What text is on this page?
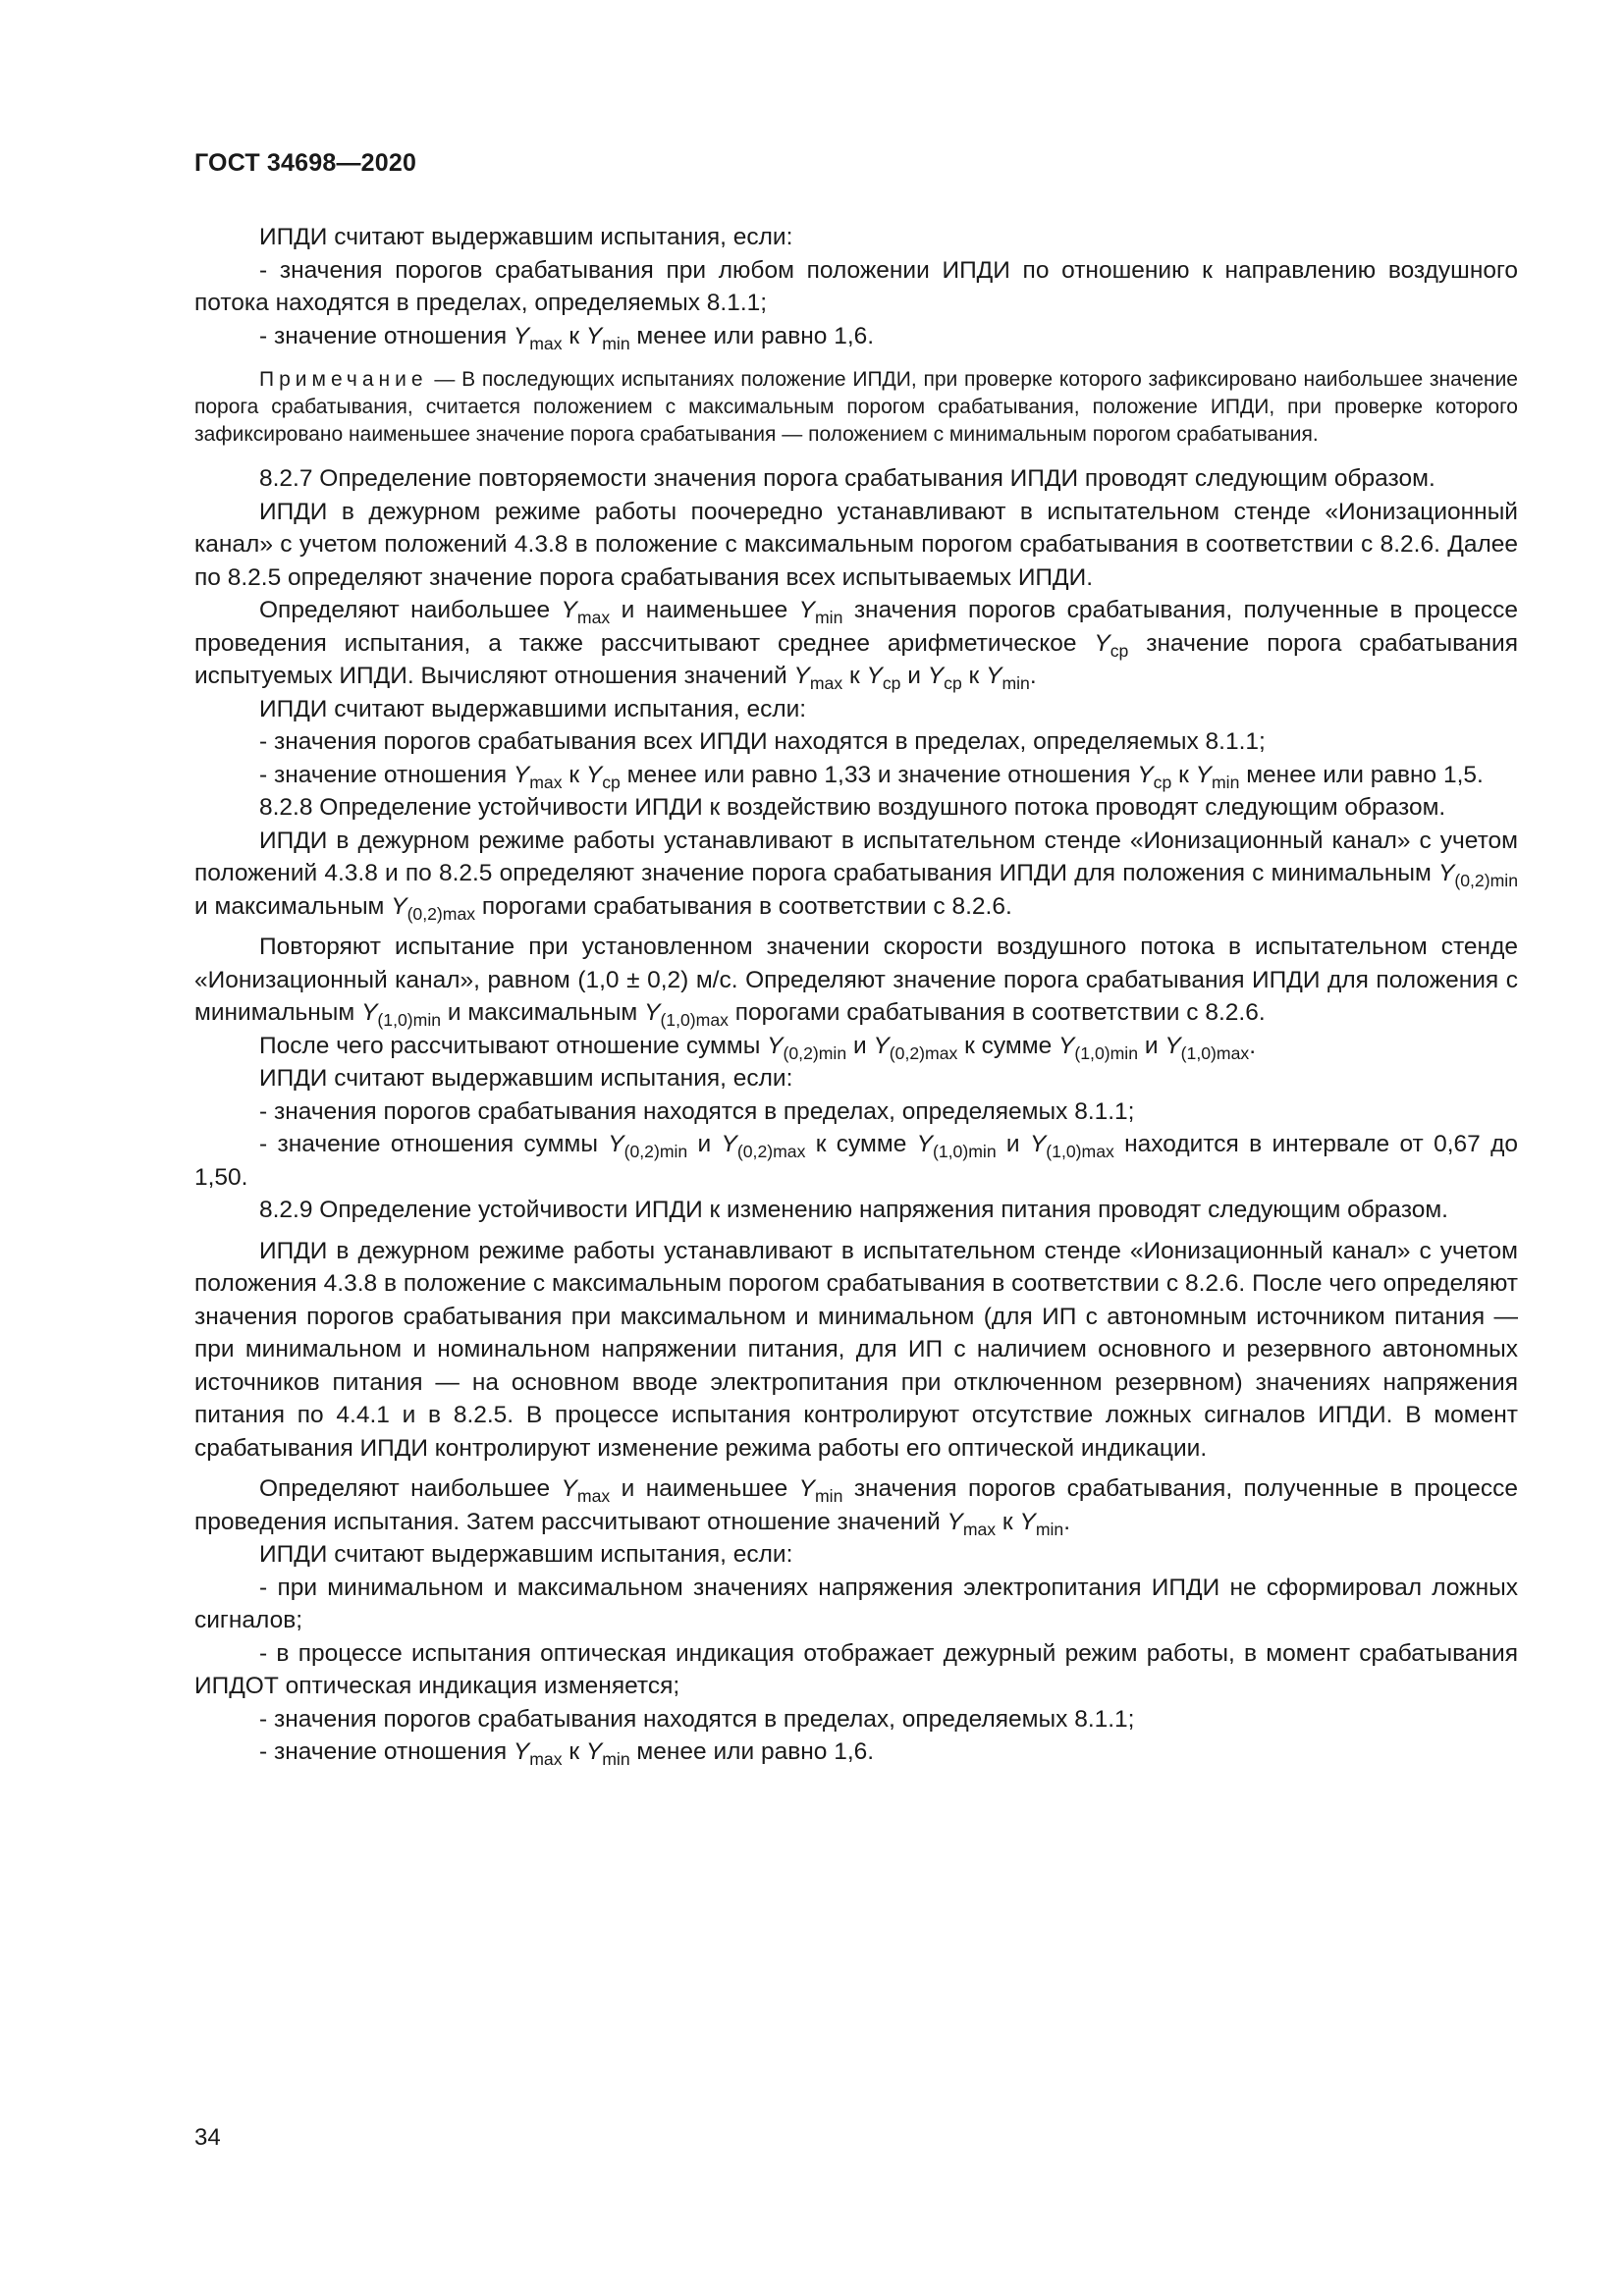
ГОСТ 34698—2020

ИПДИ считают выдержавшим испытания, если:

- значения порогов срабатывания при любом положении ИПДИ по отношению к направлению воздушного потока находятся в пределах, определяемых 8.1.1;

- значение отношения $Y_{max}$ к $Y_{min}$ менее или равно 1,6.

Примечание — В последующих испытаниях положение ИПДИ, при проверке которого зафиксировано наибольшее значение порога срабатывания, считается положением с максимальным порогом срабатывания, положение ИПДИ, при проверке которого зафиксировано наименьшее значение порога срабатывания — положением с минимальным порогом срабатывания.

8.2.7 Определение повторяемости значения порога срабатывания ИПДИ проводят следующим образом.

ИПДИ в дежурном режиме работы поочередно устанавливают в испытательном стенде «Ионизационный канал» с учетом положений 4.3.8 в положение с максимальным порогом срабатывания в соответствии с 8.2.6. Далее по 8.2.5 определяют значение порога срабатывания всех испытываемых ИПДИ.

Определяют наибольшее $Y_{max}$ и наименьшее $Y_{min}$ значения порогов срабатывания, полученные в процессе проведения испытания, а также рассчитывают среднее арифметическое $Y_{cp}$ значение порога срабатывания испытуемых ИПДИ. Вычисляют отношения значений $Y_{max}$ к $Y_{cp}$ и $Y_{cp}$ к $Y_{min}$.

ИПДИ считают выдержавшими испытания, если:

- значения порогов срабатывания всех ИПДИ находятся в пределах, определяемых 8.1.1;

- значение отношения $Y_{max}$ к $Y_{cp}$ менее или равно 1,33 и значение отношения $Y_{cp}$ к $Y_{min}$ менее или равно 1,5.

8.2.8 Определение устойчивости ИПДИ к воздействию воздушного потока проводят следующим образом.

ИПДИ в дежурном режиме работы устанавливают в испытательном стенде «Ионизационный канал» с учетом положений 4.3.8 и по 8.2.5 определяют значение порога срабатывания ИПДИ для положения с минимальным $Y_{(0,2)min}$ и максимальным $Y_{(0,2)max}$ порогами срабатывания в соответствии с 8.2.6.

Повторяют испытание при установленном значении скорости воздушного потока в испытательном стенде «Ионизационный канал», равном (1,0 ± 0,2) м/с. Определяют значение порога срабатывания ИПДИ для положения с минимальным $Y_{(1,0)min}$ и максимальным $Y_{(1,0)max}$ порогами срабатывания в соответствии с 8.2.6.

После чего рассчитывают отношение суммы $Y_{(0,2)min}$ и $Y_{(0,2)max}$ к сумме $Y_{(1,0)min}$ и $Y_{(1,0)max}$.

ИПДИ считают выдержавшим испытания, если:

- значения порогов срабатывания находятся в пределах, определяемых 8.1.1;

- значение отношения суммы $Y_{(0,2)min}$ и $Y_{(0,2)max}$ к сумме $Y_{(1,0)min}$ и $Y_{(1,0)max}$ находится в интервале от 0,67 до 1,50.

8.2.9 Определение устойчивости ИПДИ к изменению напряжения питания проводят следующим образом.

ИПДИ в дежурном режиме работы устанавливают в испытательном стенде «Ионизационный канал» с учетом положения 4.3.8 в положение с максимальным порогом срабатывания в соответствии с 8.2.6. После чего определяют значения порогов срабатывания при максимальном и минимальном (для ИП с автономным источником питания — при минимальном и номинальном напряжении питания, для ИП с наличием основного и резервного автономных источников питания — на основном вводе электропитания при отключенном резервном) значениях напряжения питания по 4.4.1 и в 8.2.5. В процессе испытания контролируют отсутствие ложных сигналов ИПДИ. В момент срабатывания ИПДИ контролируют изменение режима работы его оптической индикации.

Определяют наибольшее $Y_{max}$ и наименьшее $Y_{min}$ значения порогов срабатывания, полученные в процессе проведения испытания. Затем рассчитывают отношение значений $Y_{max}$ к $Y_{min}$.

ИПДИ считают выдержавшим испытания, если:

- при минимальном и максимальном значениях напряжения электропитания ИПДИ не сформировал ложных сигналов;

- в процессе испытания оптическая индикация отображает дежурный режим работы, в момент срабатывания ИПДОТ оптическая индикация изменяется;

- значения порогов срабатывания находятся в пределах, определяемых 8.1.1;

- значение отношения $Y_{max}$ к $Y_{min}$ менее или равно 1,6.

34
